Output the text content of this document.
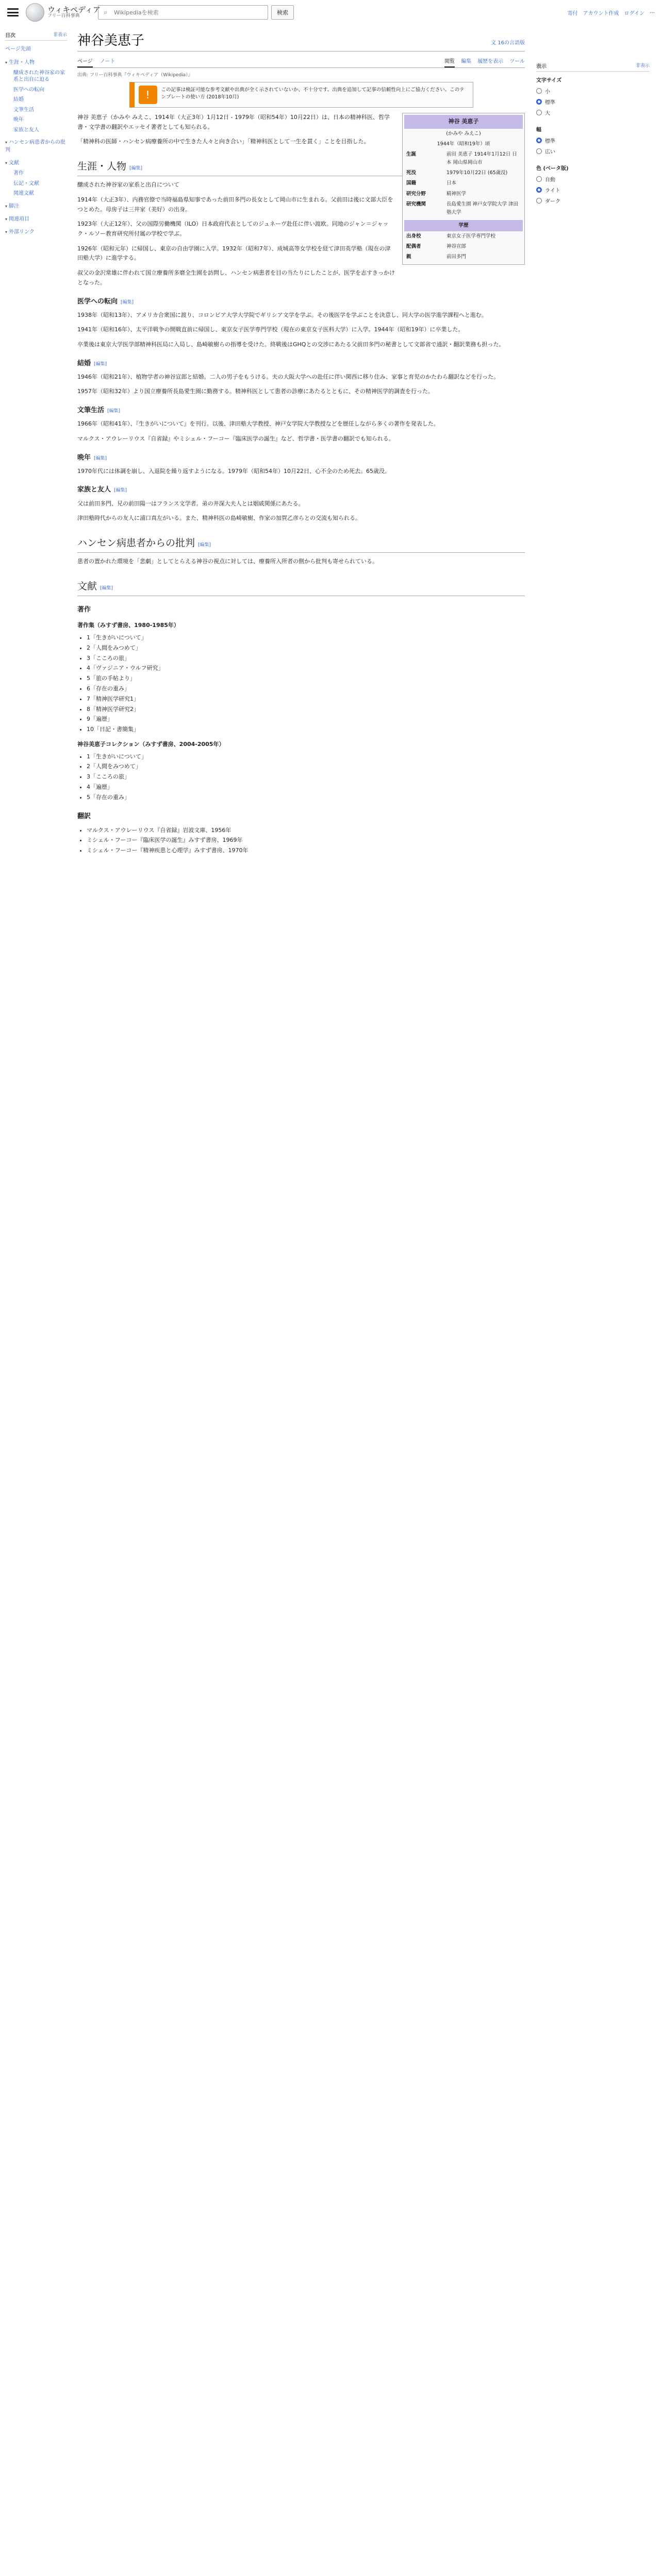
ウィキペディア
フリー百科事典	⌕
Wikipediaを検索	検索	寄付 アカウント作成 ログイン …
目次	非表示
ページ先頭
▾ 生涯・人物
醸成された神谷家の家系と出自に迫る
医学への転向
結婚
文筆生活
晩年
家族と友人
▾ ハンセン病患者からの批判
▾ 文献
著作
伝記・文献
関連文献
▾ 脚注
▾ 関連項目
▾ 外部リンク
神谷美恵子	文 16の言語版
ページ ノート	閲覧 編集 履歴を表示 ツール
出典: フリー百科事典『ウィキペディア（Wikipedia）』
!	この記事は検証可能な参考文献や出典が全く示されていないか、不十分です。出典を追加して記事の信頼性向上にご協力ください。このテンプレートの使い方 (2018年10月)
神谷 美恵子
(かみや みえこ)
1944年（昭和19年）頃
生誕	前田 美恵子 1914年1月12日 日本 岡山県岡山市
死没	1979年10月22日 (65歳没)
国籍	日本
研究分野	精神医学
研究機関	長島愛生園 神戸女学院大学 津田塾大学
学歴
出身校	東京女子医学専門学校
配偶者	神谷宣郎
親	前田多門

神谷 美恵子（かみや みえこ、1914年（大正3年）1月12日 - 1979年（昭和54年）10月22日）は、日本の精神科医、哲学書・文学書の翻訳やエッセイ著者としても知られる。

「精神科の医師・ハンセン病療養所の中で生きた人々と向き合い」「精神科医として一生を貫く」ことを目指した。

生涯・人物 [編集]

醸成された神谷家の家系と出自について

1914年（大正3年）、内務官僚で当時福島県知事であった前田多門の長女として岡山市に生まれる。父前田は後に文部大臣をつとめた。母房子は三井家（美好）の出身。

1923年（大正12年）、父の国際労働機関（ILO）日本政府代表としてのジュネーヴ赴任に伴い渡欧。同地のジャン＝ジャック・ルソー教育研究所付属の学校で学ぶ。

1926年（昭和元年）に帰国し、東京の自由学園に入学。1932年（昭和7年）、成城高等女学校を経て津田英学塾（現在の津田塾大学）に進学する。

叔父の金沢常雄に伴われて国立療養所多磨全生園を訪問し、ハンセン病患者を目の当たりにしたことが、医学を志すきっかけとなった。

医学への転向 [編集]

1938年（昭和13年）、アメリカ合衆国に渡り、コロンビア大学大学院でギリシア文学を学ぶ。その後医学を学ぶことを決意し、同大学の医学進学課程へと進む。

1941年（昭和16年）、太平洋戦争の開戦直前に帰国し、東京女子医学専門学校（現在の東京女子医科大学）に入学。1944年（昭和19年）に卒業した。

卒業後は東京大学医学部精神科医局に入局し、島崎敏樹らの指導を受けた。終戦後はGHQとの交渉にあたる父前田多門の秘書として文部省で通訳・翻訳業務も担った。

結婚 [編集]

1946年（昭和21年）、植物学者の神谷宣郎と結婚。二人の男子をもうける。夫の大阪大学への赴任に伴い関西に移り住み、家事と育児のかたわら翻訳などを行った。

1957年（昭和32年）より国立療養所長島愛生園に勤務する。精神科医として患者の診療にあたるとともに、その精神医学的調査を行った。

文筆生活 [編集]

1966年（昭和41年）、『生きがいについて』を刊行。以後、津田塾大学教授、神戸女学院大学教授などを歴任しながら多くの著作を発表した。

マルクス・アウレーリウス『自省録』やミシェル・フーコー『臨床医学の誕生』など、哲学書・医学書の翻訳でも知られる。

晩年 [編集]

1970年代には体調を崩し、入退院を繰り返すようになる。1979年（昭和54年）10月22日、心不全のため死去。65歳没。

家族と友人 [編集]

父は前田多門、兄の前田陽一はフランス文学者。弟の井深大夫人とは姻戚関係にあたる。

津田塾時代からの友人に浦口真左がいる。また、精神科医の島崎敏樹、作家の加賀乙彦らとの交流も知られる。

ハンセン病患者からの批判 [編集]

患者の置かれた環境を「悲劇」としてとらえる神谷の視点に対しては、療養所入所者の側から批判も寄せられている。

文献 [編集]
著作
著作集（みすず書房、1980-1985年）
• 1「生きがいについて」
• 2「人間をみつめて」
• 3「こころの旅」
• 4「ヴァジニア・ウルフ研究」
• 5「旅の手帖より」
• 6「存在の重み」
• 7「精神医学研究1」
• 8「精神医学研究2」
• 9「遍歴」
• 10「日記・書簡集」
神谷美恵子コレクション（みすず書房、2004-2005年）
• 1「生きがいについて」
• 2「人間をみつめて」
• 3「こころの旅」
• 4「遍歴」
• 5「存在の重み」
翻訳
• マルクス・アウレーリウス『自省録』岩波文庫、1956年
• ミシェル・フーコー『臨床医学の誕生』みすず書房、1969年
• ミシェル・フーコー『精神疾患と心理学』みすず書房、1970年
表示	非表示
文字サイズ
小
標準
大
幅
標準
広い
色 (ベータ版)
自動
ライト
ダーク
